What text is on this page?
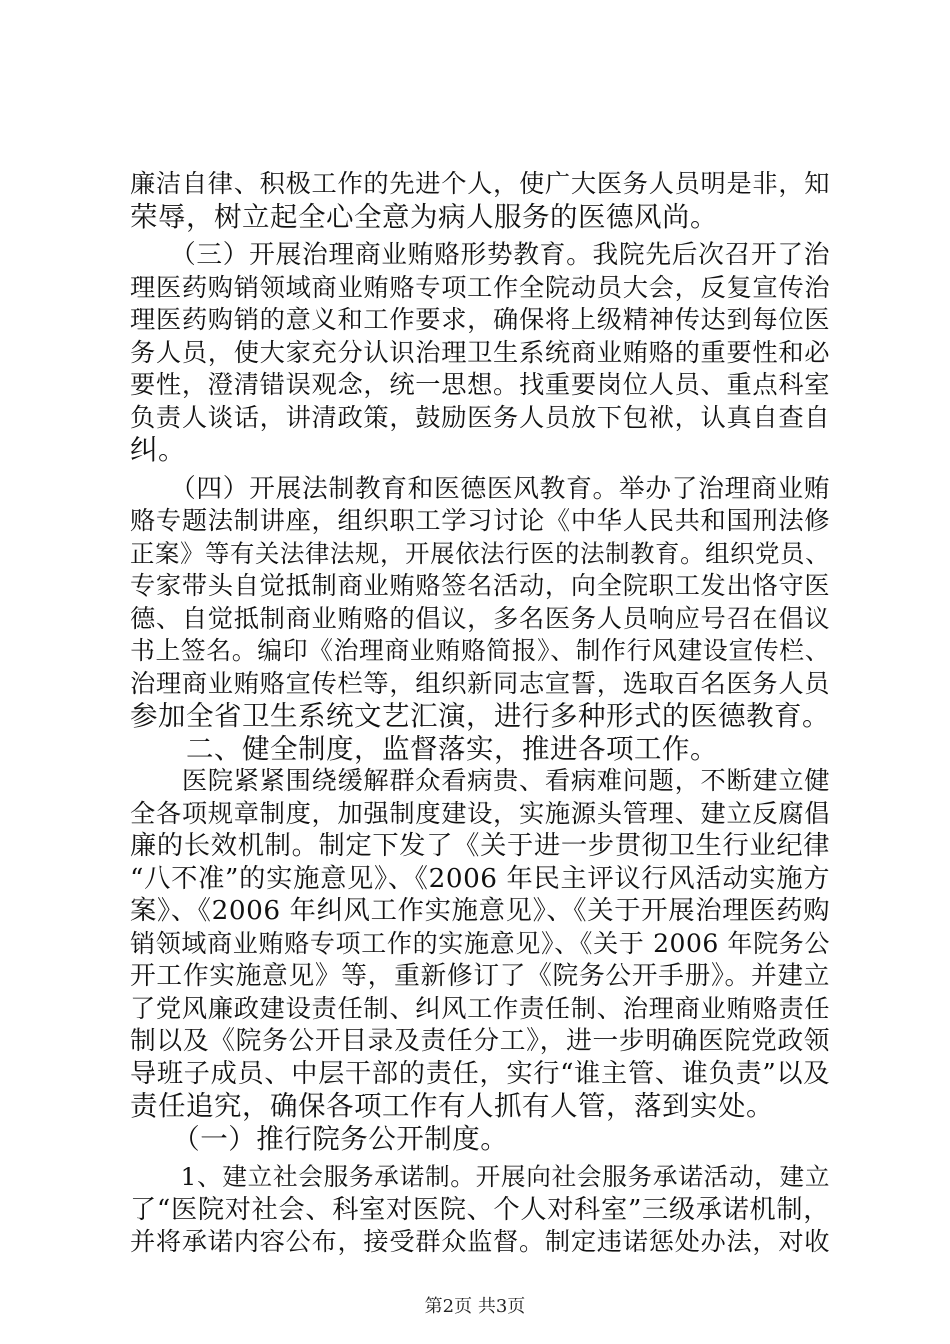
廉洁自律、积极工作的先进个人，使广大医务人员明是非，知
荣辱，树立起全心全意为病人服务的医德风尚。
　　（三）开展治理商业贿赂形势教育。我院先后次召开了治
理医药购销领域商业贿赂专项工作全院动员大会，反复宣传治
理医药购销的意义和工作要求，确保将上级精神传达到每位医
务人员，使大家充分认识治理卫生系统商业贿赂的重要性和必
要性，澄清错误观念，统一思想。找重要岗位人员、重点科室
负责人谈话，讲清政策，鼓励医务人员放下包袱，认真自查自
纠。
　　（四）开展法制教育和医德医风教育。举办了治理商业贿
赂专题法制讲座，组织职工学习讨论《中华人民共和国刑法修
正案》等有关法律法规，开展依法行医的法制教育。组织党员、
专家带头自觉抵制商业贿赂签名活动，向全院职工发出恪守医
德、自觉抵制商业贿赂的倡议，多名医务人员响应号召在倡议
书上签名。编印《治理商业贿赂简报》、制作行风建设宣传栏、
治理商业贿赂宣传栏等，组织新同志宣誓，选取百名医务人员
参加全省卫生系统文艺汇演，进行多种形式的医德教育。
　　二、健全制度，监督落实，推进各项工作。
　　医院紧紧围绕缓解群众看病贵、看病难问题，不断建立健
全各项规章制度，加强制度建设，实施源头管理、建立反腐倡
廉的长效机制。制定下发了《关于进一步贯彻卫生行业纪律
“八不准”的实施意见》、《2006 年民主评议行风活动实施方
案》、《2006 年纠风工作实施意见》、《关于开展治理医药购
销领域商业贿赂专项工作的实施意见》、《关于 2006 年院务公
开工作实施意见》等，重新修订了《院务公开手册》。并建立
了党风廉政建设责任制、纠风工作责任制、治理商业贿赂责任
制以及《院务公开目录及责任分工》，进一步明确医院党政领
导班子成员、中层干部的责任，实行“谁主管、谁负责”以及
责任追究，确保各项工作有人抓有人管，落到实处。
　　（一）推行院务公开制度。
　　1、建立社会服务承诺制。开展向社会服务承诺活动，建立
了“医院对社会、科室对医院、个人对科室”三级承诺机制，
并将承诺内容公布，接受群众监督。制定违诺惩处办法，对收
第2页 共3页
